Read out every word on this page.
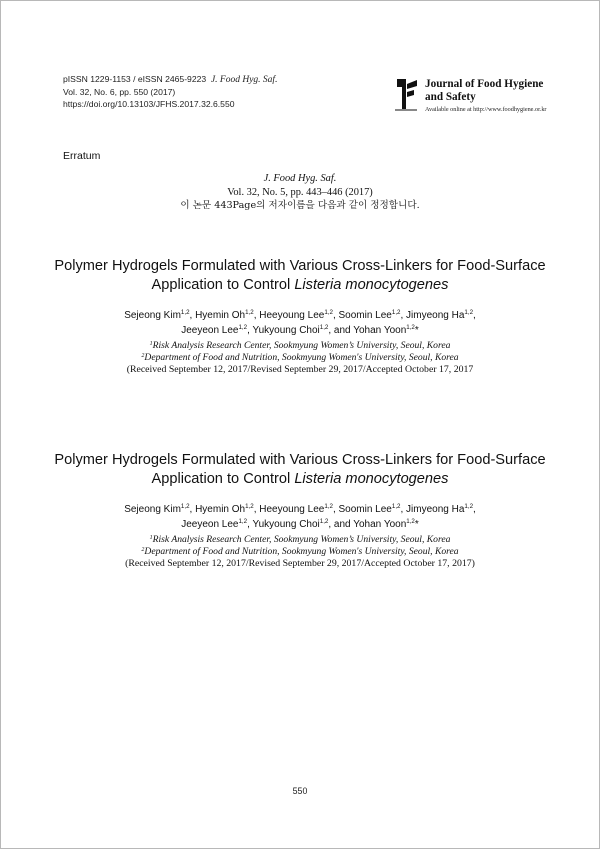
pISSN 1229-1153 / eISSN 2465-9223 J. Food Hyg. Saf.
Vol. 32, No. 6, pp. 550 (2017)
https://doi.org/10.13103/JFHS.2017.32.6.550
Journal of Food Hygiene
and Safety
Available online at http://www.foodhygiene.or.kr
Erratum
J. Food Hyg. Saf.
Vol. 32, No. 5, pp. 443–446 (2017)
이 논문 443Page의 저자이름을 다음과 같이 정정합니다.
Polymer Hydrogels Formulated with Various Cross-Linkers for Food-Surface
Application to Control Listeria monocytogenes
Sejeong Kim$^{1,2}$, Hyemin Oh$^{1,2}$, Heeyoung Lee$^{1,2}$, Soomin Lee$^{1,2}$, Jimyeong Ha$^{1,2}$,
Jeeyeon Lee$^{1,2}$, Yukyoung Choi$^{1,2}$, and Yohan Yoon$^{1,2}$*
$^1$Risk Analysis Research Center, Sookmyung Women’s University, Seoul, Korea
$^2$Department of Food and Nutrition, Sookmyung Women's University, Seoul, Korea
(Received September 12, 2017/Revised September 29, 2017/Accepted October 17, 2017
Polymer Hydrogels Formulated with Various Cross-Linkers for Food-Surface
Application to Control Listeria monocytogenes
Sejeong Kim$^{1,2}$, Hyemin Oh$^{1,2}$, Heeyoung Lee$^{1,2}$, Soomin Lee$^{1,2}$, Jimyeong Ha$^{1,2}$,
Jeeyeon Lee$^{1,2}$, Yukyoung Choi$^{1,2}$, and Yohan Yoon$^{1,2}$*
$^1$Risk Analysis Research Center, Sookmyung Women’s University, Seoul, Korea
$^2$Department of Food and Nutrition, Sookmyung Women's University, Seoul, Korea
(Received September 12, 2017/Revised September 29, 2017/Accepted October 17, 2017)
550
